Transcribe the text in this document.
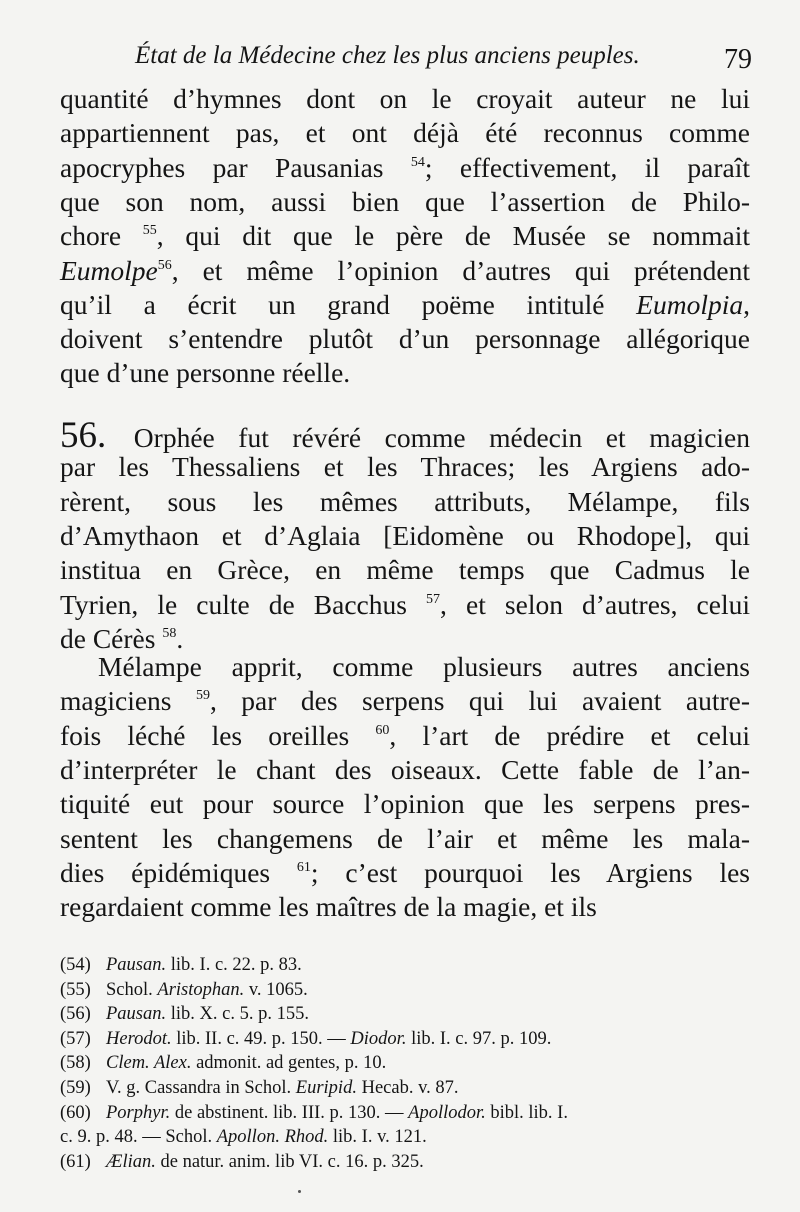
État de la Médecine chez les plus anciens peuples.	79
quantité d’hymnes dont on le croyait auteur ne lui
appartiennent pas, et ont déjà été reconnus comme
apocryphes par Pausanias $^{54}$; effectivement, il paraît
que son nom, aussi bien que l’assertion de Philo-
chore $^{55}$, qui dit que le père de Musée se nommait
Eumolpe$^{56}$, et même l’opinion d’autres qui prétendent
qu’il a écrit un grand poëme intitulé Eumolpia,
doivent s’entendre plutôt d’un personnage allégorique
que d’une personne réelle.
56. Orphée fut révéré comme médecin et magicien
par les Thessaliens et les Thraces; les Argiens ado-
rèrent, sous les mêmes attributs, Mélampe, fils
d’Amythaon et d’Aglaia [Eidomène ou Rhodope], qui
institua en Grèce, en même temps que Cadmus le
Tyrien, le culte de Bacchus $^{57}$, et selon d’autres, celui
de Cérès $^{58}$.
Mélampe apprit, comme plusieurs autres anciens
magiciens $^{59}$, par des serpens qui lui avaient autre-
fois léché les oreilles $^{60}$, l’art de prédire et celui
d’interpréter le chant des oiseaux. Cette fable de l’an-
tiquité eut pour source l’opinion que les serpens pres-
sentent les changemens de l’air et même les mala-
dies épidémiques $^{61}$; c’est pourquoi les Argiens les
regardaient comme les maîtres de la magie, et ils
(54) Pausan. lib. I. c. 22. p. 83.
(55) Schol. Aristophan. v. 1065.
(56) Pausan. lib. X. c. 5. p. 155.
(57) Herodot. lib. II. c. 49. p. 150. — Diodor. lib. I. c. 97. p. 109.
(58) Clem. Alex. admonit. ad gentes, p. 10.
(59) V. g. Cassandra in Schol. Euripid. Hecab. v. 87.
(60) Porphyr. de abstinent. lib. III. p. 130. — Apollodor. bibl. lib. I.
c. 9. p. 48. — Schol. Apollon. Rhod. lib. I. v. 121.
(61) Ælian. de natur. anim. lib VI. c. 16. p. 325.
